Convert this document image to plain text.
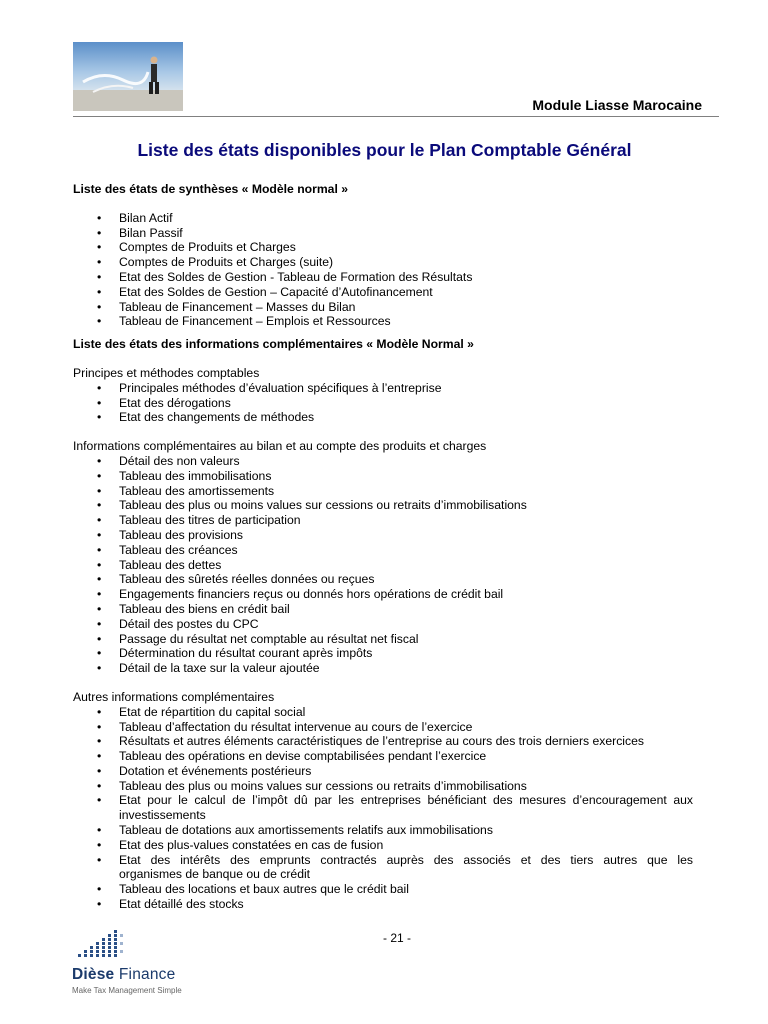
Module Liasse Marocaine
Liste des états disponibles pour le Plan Comptable Général
Liste des états de synthèses « Modèle normal »
• Bilan Actif
• Bilan Passif
• Comptes de Produits et Charges
• Comptes de Produits et Charges (suite)
• Etat des Soldes de Gestion - Tableau de Formation des Résultats
• Etat des Soldes de Gestion – Capacité d’Autofinancement
• Tableau de Financement – Masses du Bilan
• Tableau de Financement – Emplois et Ressources
Liste des états des informations complémentaires « Modèle Normal »
Principes et méthodes comptables
• Principales méthodes d’évaluation spécifiques à l’entreprise
• Etat des dérogations
• Etat des changements de méthodes
Informations complémentaires au bilan et au compte des produits et charges
• Détail des non valeurs
• Tableau des immobilisations
• Tableau des amortissements
• Tableau des plus ou moins values sur cessions ou retraits d’immobilisations
• Tableau des titres de participation
• Tableau des provisions
• Tableau des créances
• Tableau des dettes
• Tableau des sûretés réelles données ou reçues
• Engagements financiers reçus ou donnés hors opérations de crédit bail
• Tableau des biens en crédit bail
• Détail des postes du CPC
• Passage du résultat net comptable au résultat net fiscal
• Détermination du résultat courant après impôts
• Détail de la taxe sur la valeur ajoutée
Autres informations complémentaires
• Etat de répartition du capital social
• Tableau d’affectation du résultat intervenue au cours de l’exercice
• Résultats et autres éléments caractéristiques de l’entreprise au cours des trois derniers exercices
• Tableau des opérations en devise comptabilisées pendant l’exercice
• Dotation et événements postérieurs
• Tableau des plus ou moins values sur cessions ou retraits d’immobilisations
• Etat pour le calcul de l’impôt dû par les entreprises bénéficiant des mesures d’encouragement aux
investissements
• Tableau de dotations aux amortissements relatifs aux immobilisations
• Etat des plus-values constatées en cas de fusion
• Etat des intérêts des emprunts contractés auprès des associés et des tiers autres que les
organismes de banque ou de crédit
• Tableau des locations et baux autres que le crédit bail
• Etat détaillé des stocks
- 21 -
Dièse Finance
Make Tax Management Simple
